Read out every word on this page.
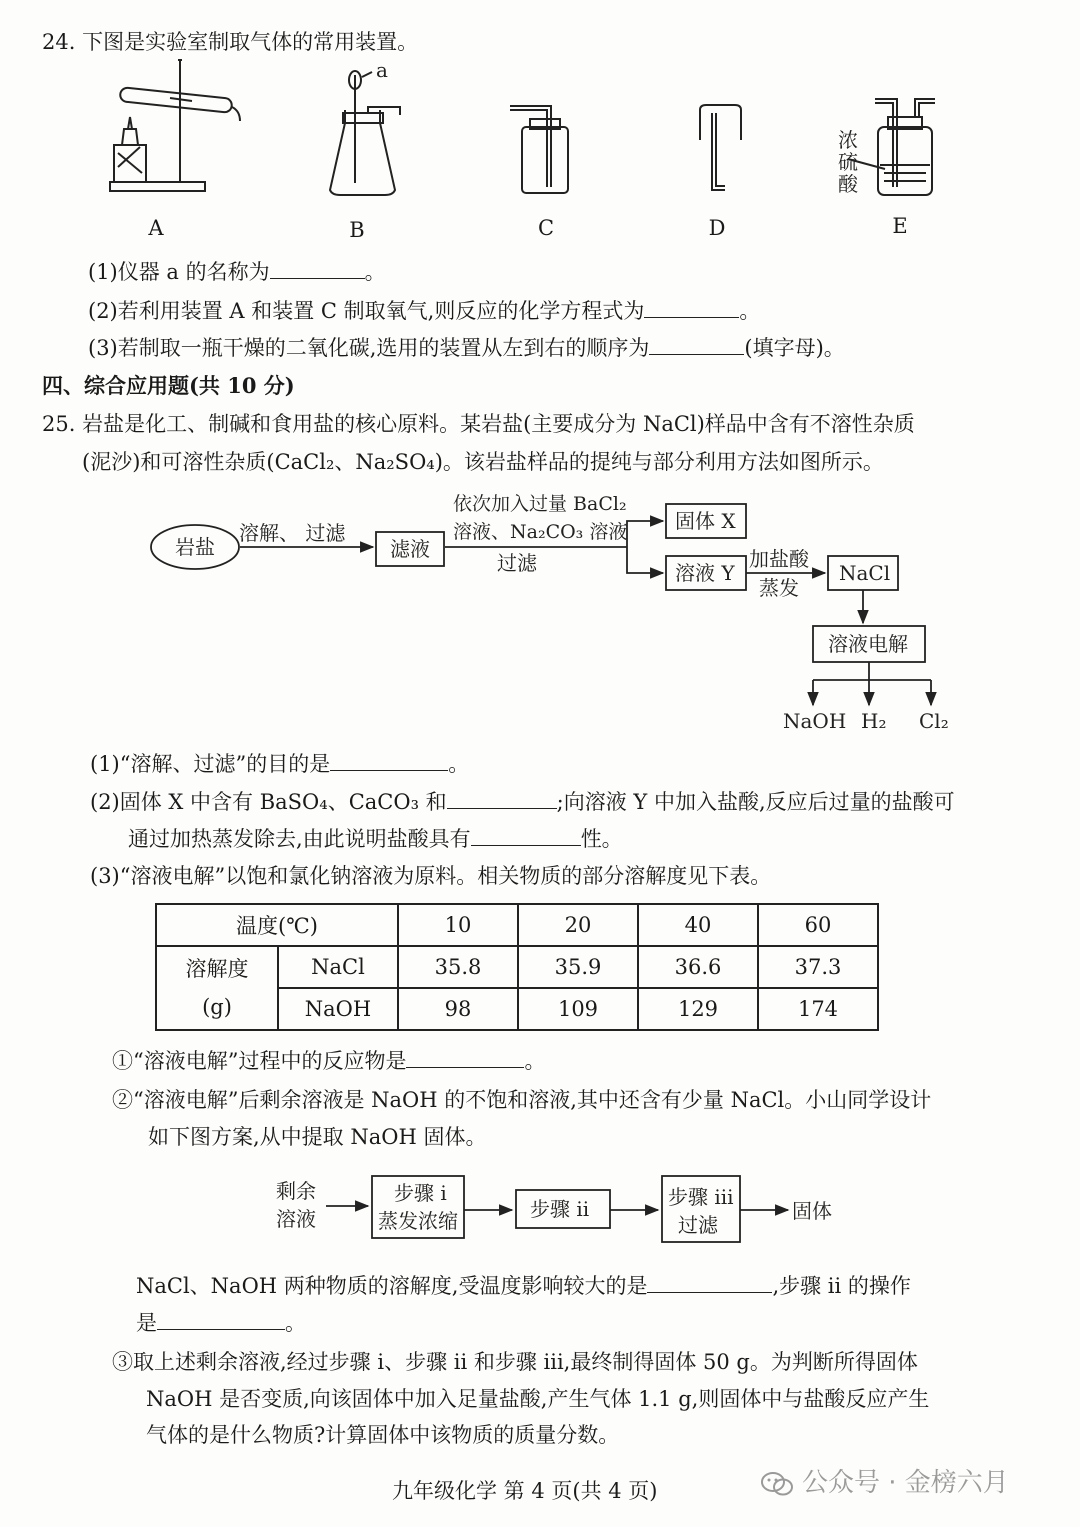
24. 下图是实验室制取气体的常用装置。
a
浓
硫
酸
A	B	C	D	E
(1)仪器 a 的名称为	。
(2)若利用装置 A 和装置 C 制取氧气,则反应的化学方程式为	。
(3)若制取一瓶干燥的二氧化碳,选用的装置从左到右的顺序为	(填字母)。
四、综合应用题(共 10 分)
25. 岩盐是化工、制碱和食用盐的核心原料。某岩盐(主要成分为 NaCl)样品中含有不溶性杂质
(泥沙)和可溶性杂质(CaCl₂、Na₂SO₄)。该岩盐样品的提纯与部分利用方法如图所示。
岩盐
溶解、 过滤
滤液
依次加入过量 BaCl₂
溶液、Na₂CO₃ 溶液
过滤
固体 X
溶液 Y
加盐酸
蒸发
NaCl
溶液电解
NaOH H₂ Cl₂
(1)“溶解、过滤”的目的是	。
(2)固体 X 中含有 BaSO₄、CaCO₃ 和	;向溶液 Y 中加入盐酸,反应后过量的盐酸可
通过加热蒸发除去,由此说明盐酸具有	性。
(3)“溶液电解”以饱和氯化钠溶液为原料。相关物质的部分溶解度见下表。
温度(℃)		10	20	40	60

溶解度
(g)	NaCl	35.8	35.9	36.6	37.3
	NaOH	98	109	129	174
①“溶液电解”过程中的反应物是	。
②“溶液电解”后剩余溶液是 NaOH 的不饱和溶液,其中还含有少量 NaCl。小山同学设计
如下图方案,从中提取 NaOH 固体。
剩余
溶液
步骤 i
蒸发浓缩	步骤 ii	步骤 iii
过滤
固体
NaCl、NaOH 两种物质的溶解度,受温度影响较大的是	,步骤 ii 的操作
是	。
③取上述剩余溶液,经过步骤 i、步骤 ii 和步骤 iii,最终制得固体 50 g。为判断所得固体
NaOH 是否变质,向该固体中加入足量盐酸,产生气体 1.1 g,则固体中与盐酸反应产生
气体的是什么物质?计算固体中该物质的质量分数。
九年级化学 第 4 页(共 4 页)	公众号 · 金榜六月
